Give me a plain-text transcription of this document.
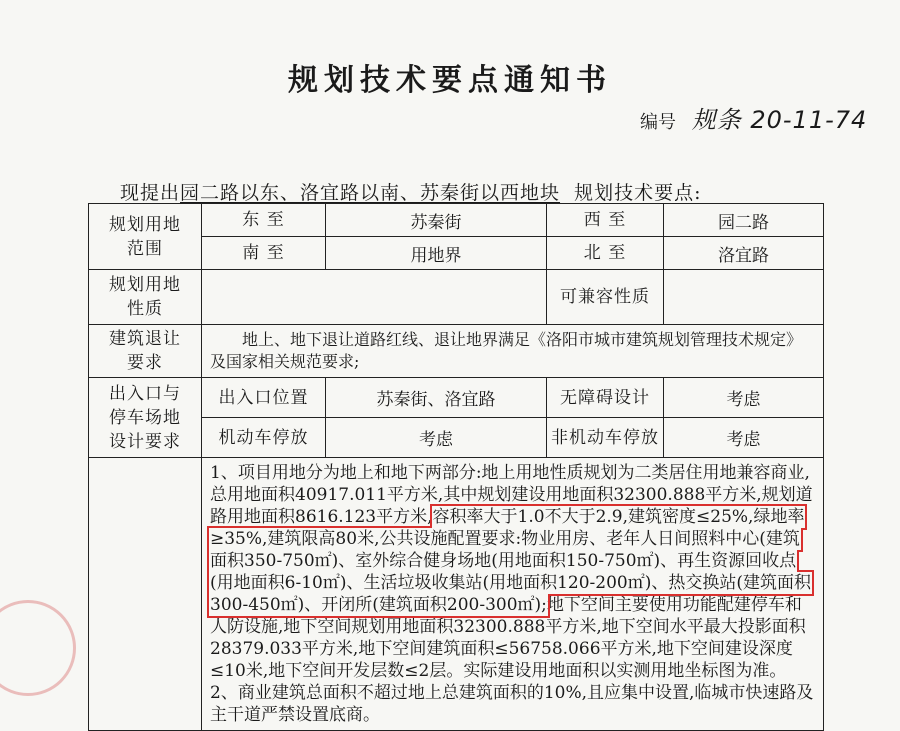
规划技术要点通知书
编号 规条 20-11-74
现提出园二路以东、洛宜路以南、苏秦街以西地块 规划技术要点:
规划用地范围	东 至	苏秦街	西 至	园二路
	南 至	用地界	北 至	洛宜路

规划用地性质			可兼容性质	

建筑退让要求	地上、地下退让道路红线、退让地界满足《洛阳市城市建筑规划管理技术规定》及国家相关规范要求;			

出入口与停车场地设计要求	出入口位置	苏秦街、洛宜路	无障碍设计	考虑
	机动车停放	考虑	非机动车停放	考虑

	1、项目用地分为地上和地下两部分:地上用地性质规划为二类居住用地兼容商业,总用地面积40917.011平方米,其中规划建设用地面积32300.888平方米,规划道路用地面积8616.123平方米,容积率大于1.0不大于2.9,建筑密度≤25%,绿地率≥35%,建筑限高80米,公共设施配置要求:物业用房、老年人日间照料中心(建筑面积350-750㎡)、室外综合健身场地(用地面积150-750㎡)、再生资源回收点(用地面积6-10㎡)、生活垃圾收集站(用地面积120-200㎡)、热交换站(建筑面积300-450㎡)、开闭所(建筑面积200-300㎡);地下空间主要使用功能配建停车和人防设施,地下空间规划用地面积32300.888平方米,地下空间水平最大投影面积28379.033平方米,地下空间建筑面积≤56758.066平方米,地下空间建设深度≤10米,地下空间开发层数≤2层。实际建设用地面积以实测用地坐标图为准。

2、商业建筑总面积不超过地上总建筑面积的10%,且应集中设置,临城市快速路及主干道严禁设置底商。			
